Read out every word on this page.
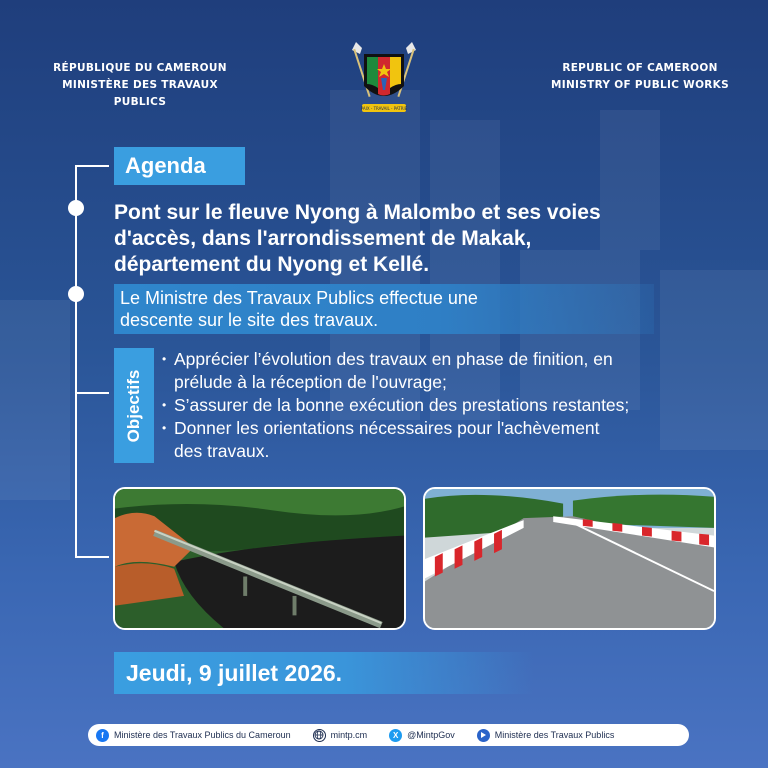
RÉPUBLIQUE DU CAMEROUN
MINISTÈRE DES TRAVAUX PUBLICS
PAIX - TRAVAIL - PATRIE
REPUBLIC OF CAMEROON
MINISTRY OF PUBLIC WORKS
Agenda
Pont sur le fleuve Nyong à Malombo et ses voies
d'accès, dans l'arrondissement de Makak,
département du Nyong et Kellé.
Le Ministre des Travaux Publics effectue une
descente sur le site des travaux.
Objectifs
• Apprécier l’évolution des travaux en phase de finition, en
prélude à la réception de l'ouvrage;
• S’assurer de la bonne exécution des prestations restantes;
• Donner les orientations nécessaires pour l'achèvement
des travaux.
Jeudi, 9 juillet 2026.
f	Ministère des Travaux Publics du Cameroun	mintp.cm	X @MintpGov	Ministère des Travaux Publics
